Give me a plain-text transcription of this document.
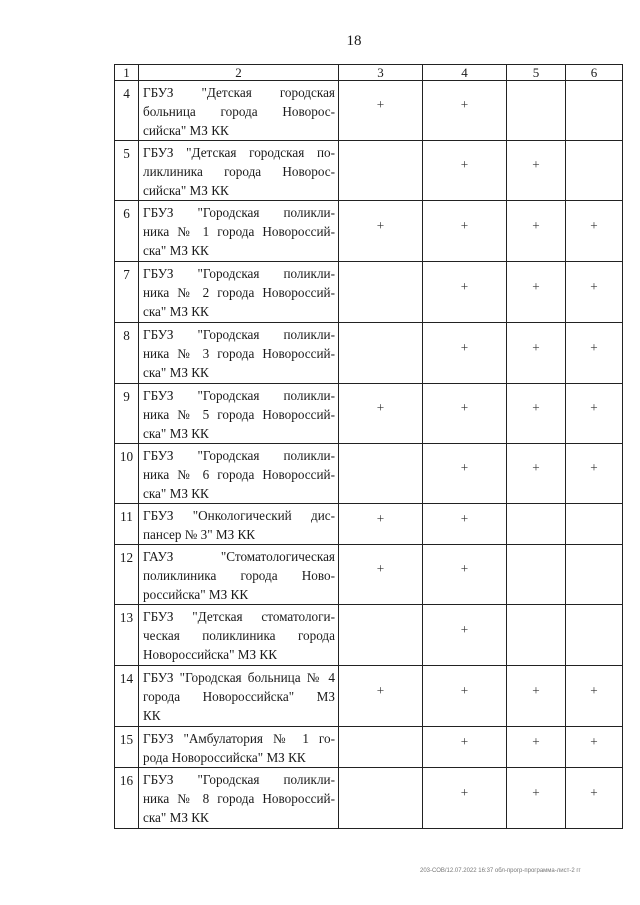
18
1	2	3	4	5	6
4	ГБУЗ "Детская городская
больница города Новорос-
сийска" МЗ КК	+	+		
5	ГБУЗ "Детская городская по-
ликлиника города Новорос-
сийска" МЗ КК		+	+	
6	ГБУЗ "Городская поликли-
ника № 1 города Новороссий-
ска" МЗ КК	+	+	+	+
7	ГБУЗ "Городская поликли-
ника № 2 города Новороссий-
ска" МЗ КК		+	+	+
8	ГБУЗ "Городская поликли-
ника № 3 города Новороссий-
ска" МЗ КК		+	+	+
9	ГБУЗ "Городская поликли-
ника № 5 города Новороссий-
ска" МЗ КК	+	+	+	+
10	ГБУЗ "Городская поликли-
ника № 6 города Новороссий-
ска" МЗ КК		+	+	+
11	ГБУЗ "Онкологический дис-
пансер № 3" МЗ КК	+	+		
12	ГАУЗ "Стоматологическая
поликлиника города Ново-
российска" МЗ КК	+	+		
13	ГБУЗ "Детская стоматологи-
ческая поликлиника города
Новороссийска" МЗ КК		+		
14	ГБУЗ "Городская больница № 4
города Новороссийска" МЗ
КК	+	+	+	+
15	ГБУЗ "Амбулатория № 1 го-
рода Новороссийска" МЗ КК		+	+	+
16	ГБУЗ "Городская поликли-
ника № 8 города Новороссий-
ска" МЗ КК		+	+	+
203-СОВ/12.07.2022 16:37 обл-прогр-программа-лист-2 гг
